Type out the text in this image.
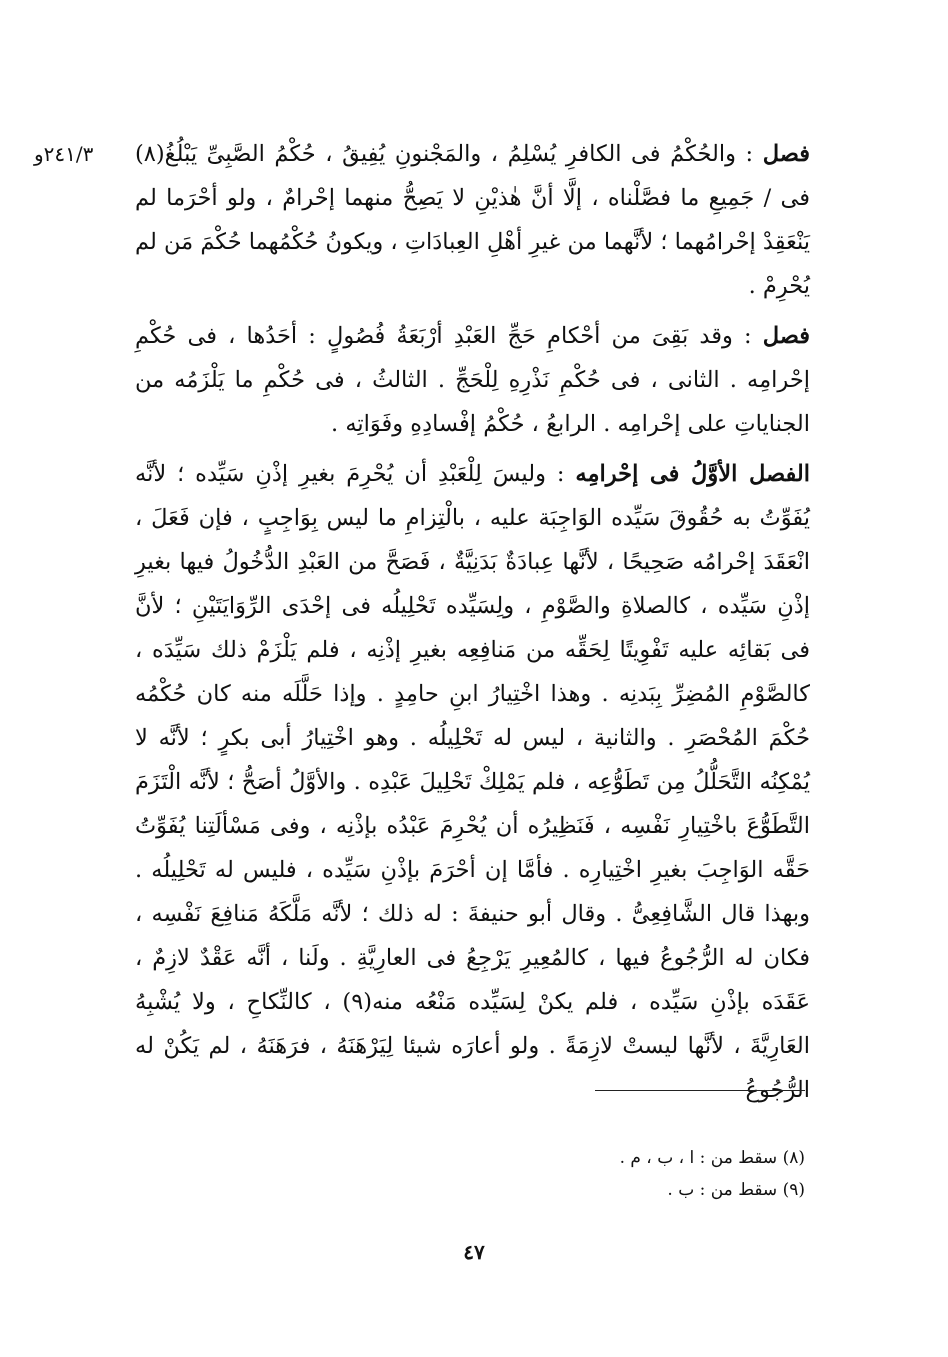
٢٤١/٣و	فصل : والحُكْمُ فى الكافرِ يُسْلِمُ ، والمَجْنونِ يُفِيقُ ، حُكْمُ الصَّبِىِّ يَبْلُغُ(٨) فى / جَمِيعِ ما فصَّلْناه ، إلَّا أنَّ هٰذيْنِ لا يَصِحُّ منهما إحْرامٌ ، ولو أحْرَما لم يَنْعَقِدْ إحْرامُهما ؛ لأنَّهما من غيرِ أهْلِ العِبادَاتِ ، ويكونُ حُكْمُهما حُكْمَ مَن لم يُحْرِمْ .

فصل : وقد بَقِىَ من أحْكامِ حَجِّ العَبْدِ أرْبَعَةُ فُصُولٍ : أحَدُها ، فى حُكْمِ إحْرامِه . الثانى ، فى حُكْمِ نَذْرِهِ لِلْحَجِّ . الثالثُ ، فى حُكْمِ ما يَلْزَمُه من الجناياتِ على إحْرامِه . الرابعُ ، حُكْمُ إفْسادِهِ وفَوَاتِه .

الفصل الأوَّلُ فى إحْرامِه : وليسَ لِلْعَبْدِ أن يُحْرِمَ بغيرِ إذْنِ سَيِّده ؛ لأنَّه يُفَوِّتُ به حُقُوقَ سَيِّده الوَاجِبَة عليه ، بالْتِزامِ ما ليس بِوَاجِبٍ ، فإن فَعَلَ ، انْعَقَدَ إحْرامُه صَحِيحًا ، لأنَّها عِبادَةٌ بَدَنِيَّةٌ ، فَصَحَّ من العَبْدِ الدُّخُولُ فيها بغيرِ إذْنِ سَيِّده ، كالصلاةِ والصَّوْمِ ، ولِسَيِّده تَحْلِيلُه فى إحْدَى الرِّوَايَتَيْنِ ؛ لأنَّ فى بَقائِه عليه تَفْوِيتًا لِحَقِّه من مَنافِعِه بغيرِ إذْنِه ، فلم يَلْزَمْ ذلك سَيِّدَه ، كالصَّوْمِ المُضِرِّ بِبَدنِه . وهذا اخْتِيارُ ابنِ حامِدٍ . وإذا حَلَّلَه منه كان حُكْمُه حُكْمَ المُحْصَرِ . والثانية ، ليس له تَحْلِيلُه . وهو اخْتِيارُ أبى بكرٍ ؛ لأنَّه لا يُمْكِنُه التَّحَلُّلُ مِن تَطَوُّعِه ، فلم يَمْلِكْ تَحْلِيلَ عَبْدِه . والأوَّلُ أصَحُّ ؛ لأنَّه الْتَزَمَ التَّطَوُّعَ باخْتِيارِ نَفْسِه ، فَنَظِيرُه أن يُحْرِمَ عَبْدُه بإذْنِه ، وفى مَسْألَتِنا يُفَوِّتُ حَقَّه الوَاجِبَ بغيرِ اخْتِيارِه . فأمَّا إن أحْرَمَ بإذْنِ سَيِّده ، فليس له تَحْلِيلُه . وبهذا قال الشَّافِعِىُّ . وقال أبو حنيفةَ : له ذلك ؛ لأنَّه مَلَّكَهُ مَنافِعَ نَفْسِه ، فكان له الرُّجُوعُ فيها ، كالمُعِيرِ يَرْجِعُ فى العارِيَّةِ . ولَنا ، أنَّه عَقْدٌ لازِمٌ ، عَقَدَه بإذْنِ سَيِّده ، فلم يكنْ لِسَيِّده مَنْعُه منه(٩) ، كالنِّكاحِ ، ولا يُشْبِهُ العَارِيَّةَ ، لأنَّها ليستْ لازِمَةً . ولو أعارَه شيئا لِيَرْهَنَهُ ، فرَهَنَهُ ، لم يَكُنْ له الرُّجُوعُ

(٨) سقط من : ا ، ب ، م .

(٩) سقط من : ب .

٤٧
